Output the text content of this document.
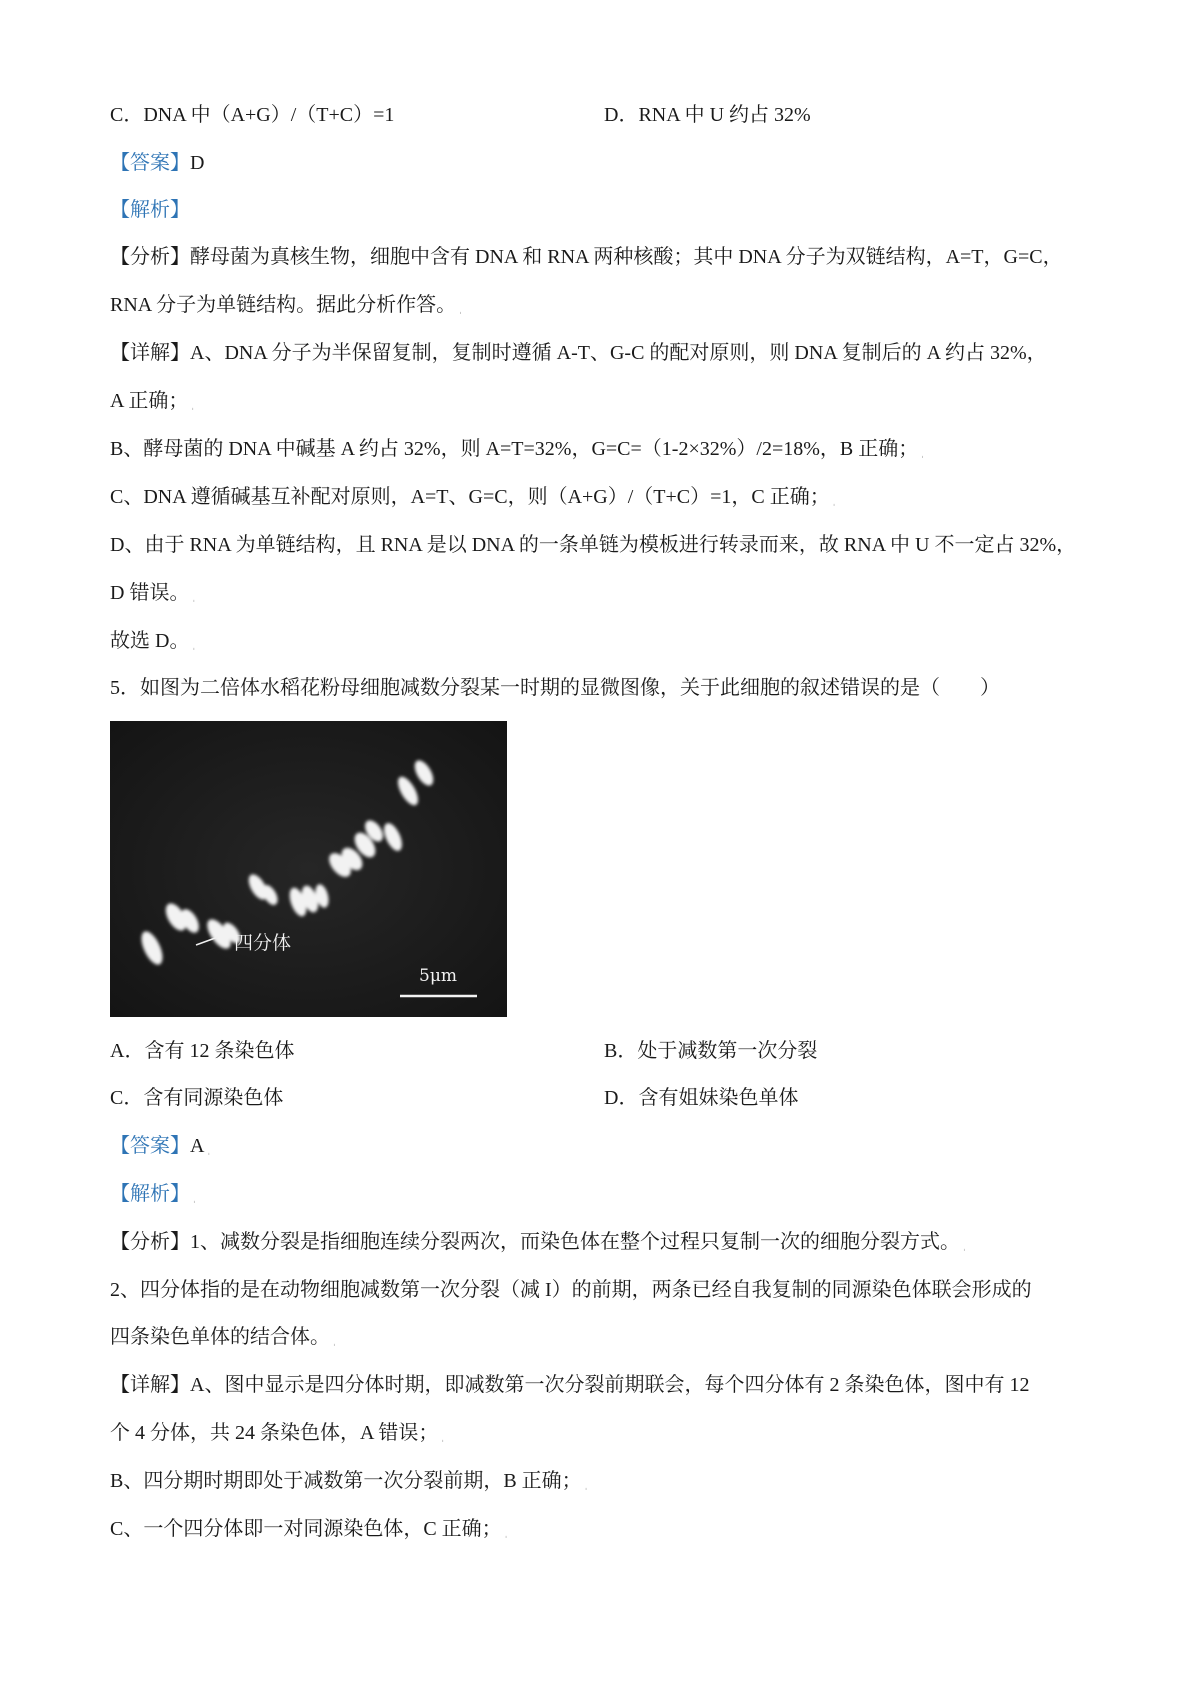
C．DNA 中（A+G）/（T+C）=1	D．RNA 中 U 约占 32%
【答案】D
【解析】
【分析】酵母菌为真核生物，细胞中含有 DNA 和 RNA 两种核酸；其中 DNA 分子为双链结构，A=T，G=C，
RNA 分子为单链结构。据此分析作答。 ˌ
【详解】A、DNA 分子为半保留复制，复制时遵循 A-T、G-C 的配对原则，则 DNA 复制后的 A 约占 32%，
A 正确； ˌ
B、酵母菌的 DNA 中碱基 A 约占 32%，则 A=T=32%，G=C=（1-2×32%）/2=18%，B 正确； ˌ
C、DNA 遵循碱基互补配对原则，A=T、G=C，则（A+G）/（T+C）=1，C 正确； ˌ
D、由于 RNA 为单链结构，且 RNA 是以 DNA 的一条单链为模板进行转录而来，故 RNA 中 U 不一定占 32%，
D 错误。 ˌ
故选 D。 ˌ
5．如图为二倍体水稻花粉母细胞减数分裂某一时期的显微图像，关于此细胞的叙述错误的是（　　）
四分体
5μm
A．含有 12 条染色体	B．处于减数第一次分裂
C．含有同源染色体	D．含有姐妹染色单体
【答案】A ˌ
【解析】 ˌ
【分析】1、减数分裂是指细胞连续分裂两次，而染色体在整个过程只复制一次的细胞分裂方式。 ˌ
2、四分体指的是在动物细胞减数第一次分裂（减 I）的前期，两条已经自我复制的同源染色体联会形成的
四条染色单体的结合体。 ˌ
【详解】A、图中显示是四分体时期，即减数第一次分裂前期联会，每个四分体有 2 条染色体，图中有 12
个 4 分体，共 24 条染色体，A 错误； ˌ
B、四分期时期即处于减数第一次分裂前期，B 正确； ˌ
C、一个四分体即一对同源染色体，C 正确； ˌ
